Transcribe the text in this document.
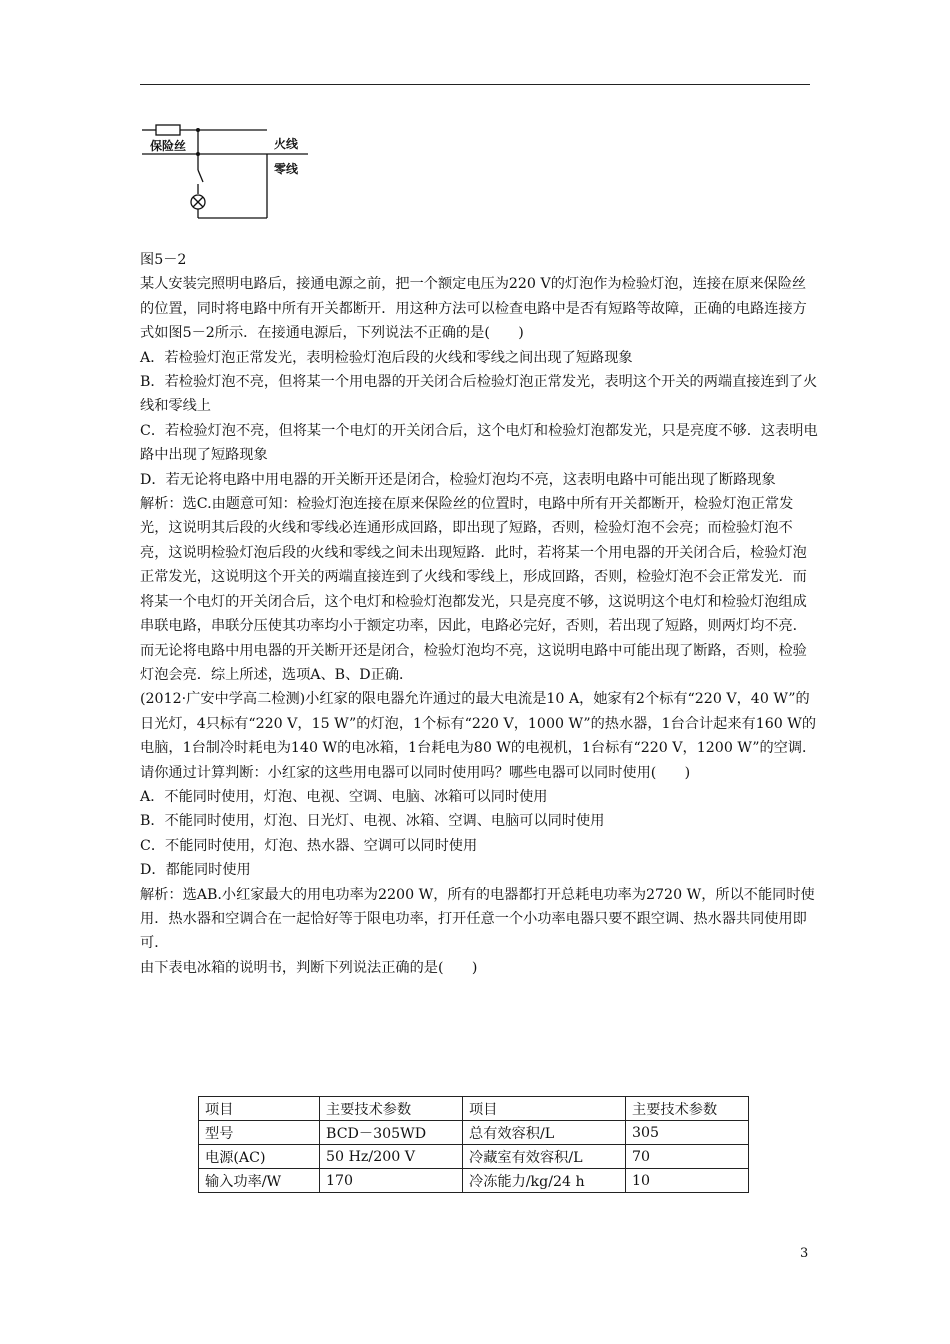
保险丝	火线
零线

图5－2

某人安装完照明电路后，接通电源之前，把一个额定电压为220 V的灯泡作为检验灯泡，连接在原来保险丝的位置，同时将电路中所有开关都断开．用这种方法可以检查电路中是否有短路等故障，正确的电路连接方式如图5－2所示．在接通电源后，下列说法不正确的是(　　)

A．若检验灯泡正常发光，表明检验灯泡后段的火线和零线之间出现了短路现象

B．若检验灯泡不亮，但将某一个用电器的开关闭合后检验灯泡正常发光，表明这个开关的两端直接连到了火线和零线上

C．若检验灯泡不亮，但将某一个电灯的开关闭合后，这个电灯和检验灯泡都发光，只是亮度不够．这表明电路中出现了短路现象

D．若无论将电路中用电器的开关断开还是闭合，检验灯泡均不亮，这表明电路中可能出现了断路现象

解析：选C.由题意可知：检验灯泡连接在原来保险丝的位置时，电路中所有开关都断开，检验灯泡正常发光，这说明其后段的火线和零线必连通形成回路，即出现了短路，否则，检验灯泡不会亮；而检验灯泡不亮，这说明检验灯泡后段的火线和零线之间未出现短路．此时，若将某一个用电器的开关闭合后，检验灯泡正常发光，这说明这个开关的两端直接连到了火线和零线上，形成回路，否则，检验灯泡不会正常发光．而将某一个电灯的开关闭合后，这个电灯和检验灯泡都发光，只是亮度不够，这说明这个电灯和检验灯泡组成串联电路，串联分压使其功率均小于额定功率，因此，电路必完好，否则，若出现了短路，则两灯均不亮．而无论将电路中用电器的开关断开还是闭合，检验灯泡均不亮，这说明电路中可能出现了断路，否则，检验灯泡会亮．综上所述，选项A、B、D正确．

(2012·广安中学高二检测)小红家的限电器允许通过的最大电流是10 A，她家有2个标有“220 V，40 W”的日光灯，4只标有“220 V，15 W”的灯泡，1个标有“220 V，1000 W”的热水器，1台合计起来有160 W的电脑，1台制冷时耗电为140 W的电冰箱，1台耗电为80 W的电视机，1台标有“220 V，1200 W”的空调．请你通过计算判断：小红家的这些用电器可以同时使用吗？哪些电器可以同时使用(　　)

A．不能同时使用，灯泡、电视、空调、电脑、冰箱可以同时使用

B．不能同时使用，灯泡、日光灯、电视、冰箱、空调、电脑可以同时使用

C．不能同时使用，灯泡、热水器、空调可以同时使用

D．都能同时使用

解析：选AB.小红家最大的用电功率为2200 W，所有的电器都打开总耗电功率为2720 W，所以不能同时使用．热水器和空调合在一起恰好等于限电功率，打开任意一个小功率电器只要不跟空调、热水器共同使用即可．

由下表电冰箱的说明书，判断下列说法正确的是(　　)

项目	主要技术参数	项目	主要技术参数
型号	BCD－305WD	总有效容积/L	305
电源(AC)	50 Hz/200 V	冷藏室有效容积/L	70
输入功率/W	170	冷冻能力/kg/24 h	10
3
